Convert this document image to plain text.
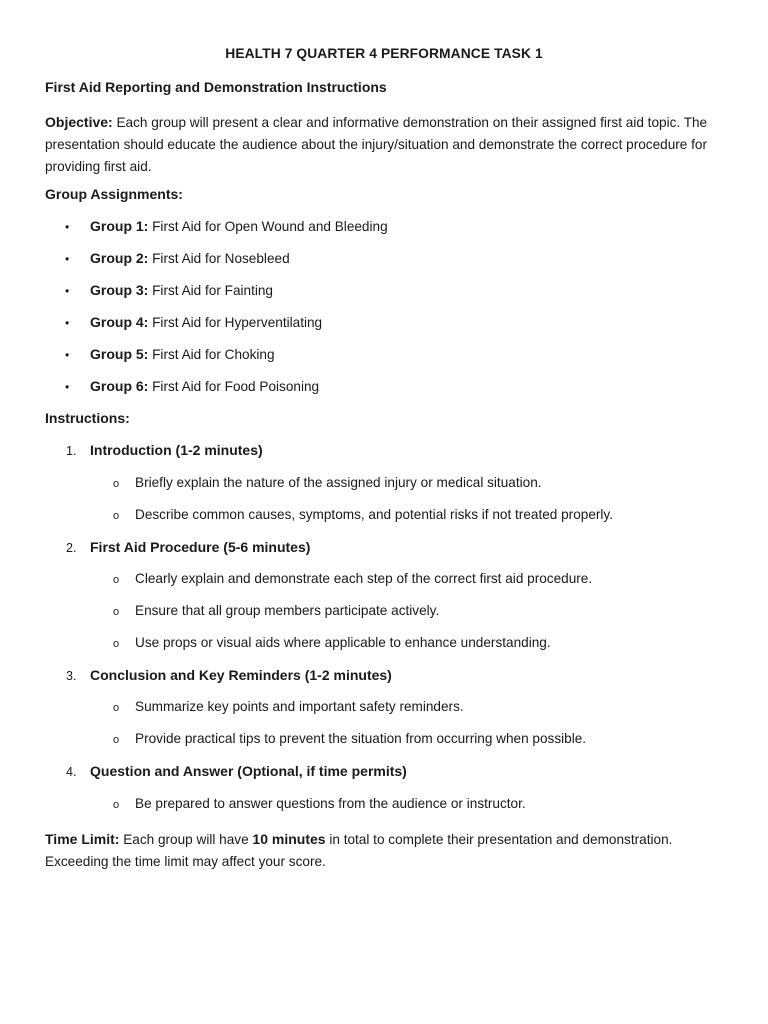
HEALTH 7 QUARTER 4 PERFORMANCE TASK 1
First Aid Reporting and Demonstration Instructions
Objective: Each group will present a clear and informative demonstration on their assigned first aid topic. The presentation should educate the audience about the injury/situation and demonstrate the correct procedure for providing first aid.
Group Assignments:
• Group 1: First Aid for Open Wound and Bleeding
• Group 2: First Aid for Nosebleed
• Group 3: First Aid for Fainting
• Group 4: First Aid for Hyperventilating
• Group 5: First Aid for Choking
• Group 6: First Aid for Food Poisoning
Instructions:
1. Introduction (1-2 minutes)
o Briefly explain the nature of the assigned injury or medical situation.
o Describe common causes, symptoms, and potential risks if not treated properly.
2. First Aid Procedure (5-6 minutes)
o Clearly explain and demonstrate each step of the correct first aid procedure.
o Ensure that all group members participate actively.
o Use props or visual aids where applicable to enhance understanding.
3. Conclusion and Key Reminders (1-2 minutes)
o Summarize key points and important safety reminders.
o Provide practical tips to prevent the situation from occurring when possible.
4. Question and Answer (Optional, if time permits)
o Be prepared to answer questions from the audience or instructor.
Time Limit: Each group will have 10 minutes in total to complete their presentation and demonstration. Exceeding the time limit may affect your score.
